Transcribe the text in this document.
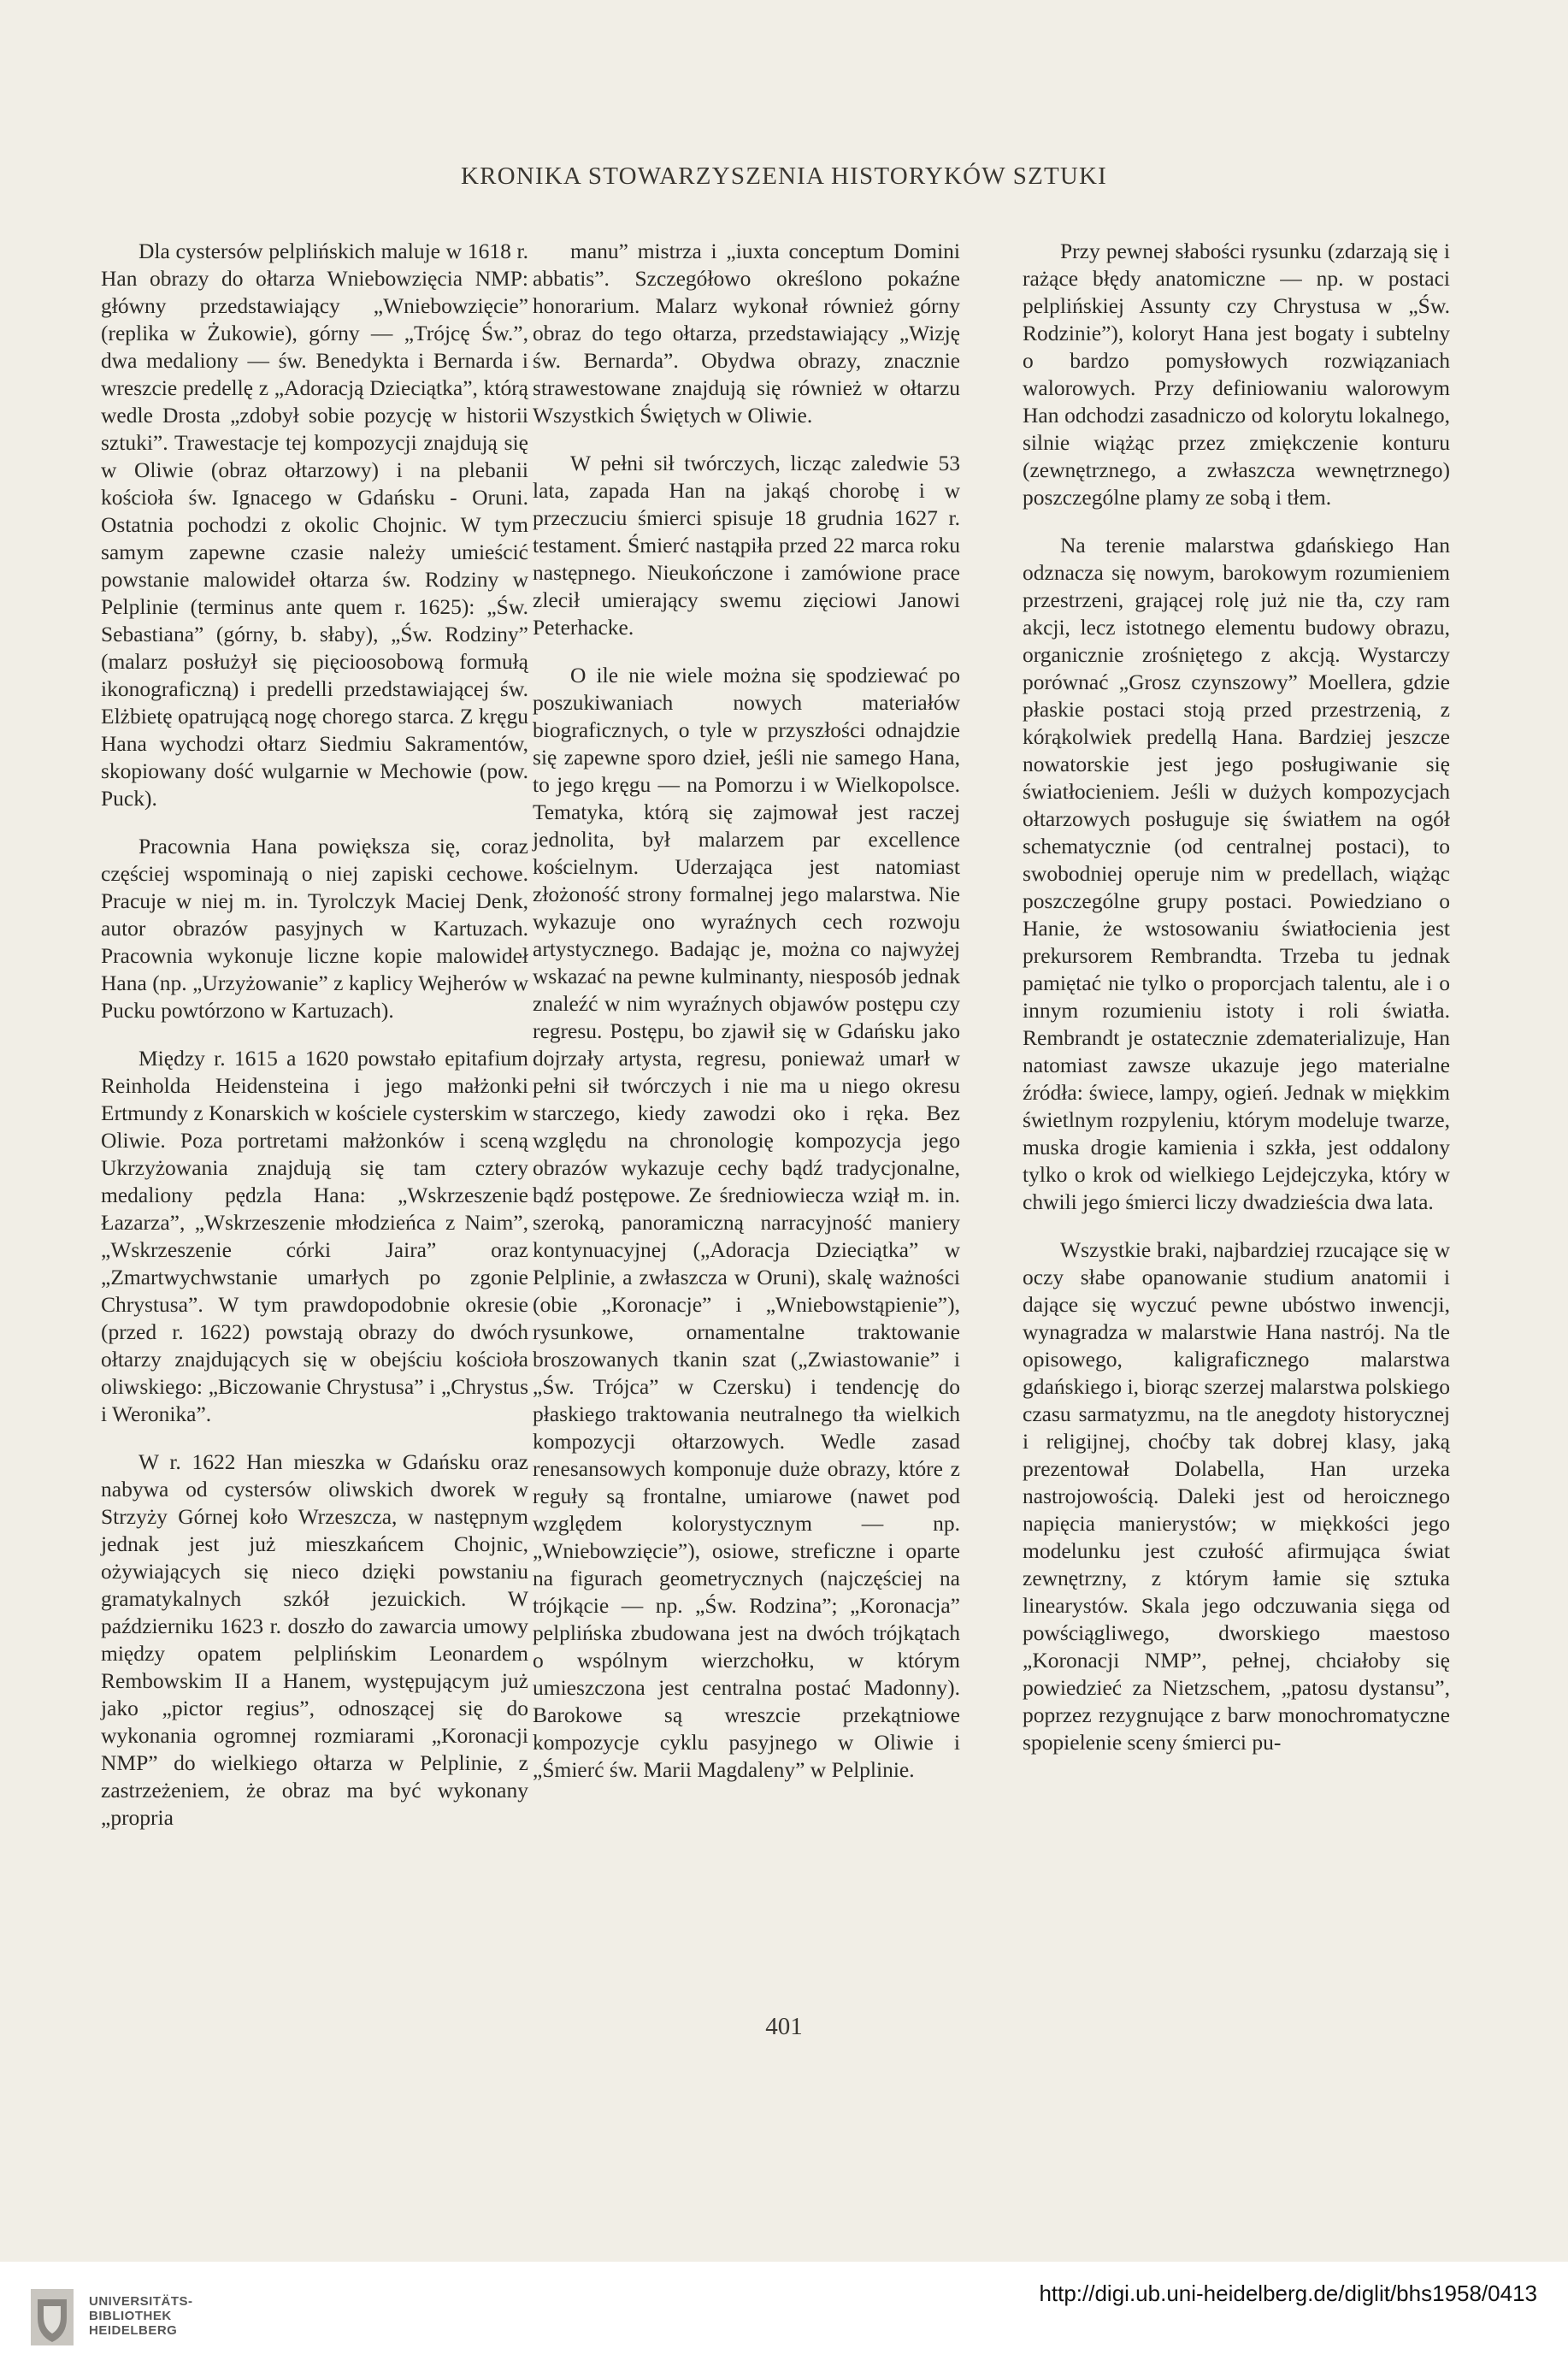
KRONIKA STOWARZYSZENIA HISTORYKÓW SZTUKI

Dla cystersów pelplińskich maluje w 1618 r. Han obrazy do ołtarza Wniebowzięcia NMP: główny przedstawiający „Wniebowzięcie” (replika w Żukowie), górny — „Trójcę Św.”, dwa medaliony — św. Benedykta i Bernarda i wreszcie predellę z „Adoracją Dzieciątka”, którą wedle Drosta „zdobył sobie pozycję w historii sztuki”. Trawestacje tej kompozycji znajdują się w Oliwie (obraz ołtarzowy) i na plebanii kościoła św. Ignacego w Gdańsku - Oruni. Ostatnia pochodzi z okolic Chojnic. W tym samym zapewne czasie należy umieścić powstanie malowideł ołtarza św. Rodziny w Pelplinie (terminus ante quem r. 1625): „Św. Sebastiana” (górny, b. słaby), „Św. Rodziny” (malarz posłużył się pięcioosobową formułą ikonograficzną) i predelli przedstawiającej św. Elżbietę opatrującą nogę chorego starca. Z kręgu Hana wychodzi ołtarz Siedmiu Sakramentów, skopiowany dość wulgarnie w Mechowie (pow. Puck).

Pracownia Hana powiększa się, coraz częściej wspominają o niej zapiski cechowe. Pracuje w niej m. in. Tyrolczyk Maciej Denk, autor obrazów pasyjnych w Kartuzach. Pracownia wykonuje liczne kopie malowideł Hana (np. „Urzyżowanie” z kaplicy Wejherów w Pucku powtórzono w Kartuzach).

Między r. 1615 a 1620 powstało epitafium Reinholda Heidensteina i jego małżonki Ertmundy z Konarskich w kościele cysterskim w Oliwie. Poza portretami małżonków i sceną Ukrzyżowania znajdują się tam cztery medaliony pędzla Hana: „Wskrzeszenie Łazarza”, „Wskrzeszenie młodzieńca z Naim”, „Wskrzeszenie córki Jaira” oraz „Zmartwychwstanie umarłych po zgonie Chrystusa”. W tym prawdopodobnie okresie (przed r. 1622) powstają obrazy do dwóch ołtarzy znajdujących się w obejściu kościoła oliwskiego: „Biczowanie Chrystusa” i „Chrystus i Weronika”.

W r. 1622 Han mieszka w Gdańsku oraz nabywa od cystersów oliwskich dworek w Strzyży Górnej koło Wrzeszcza, w następnym jednak jest już mieszkańcem Chojnic, ożywiających się nieco dzięki powstaniu gramatykalnych szkół jezuickich. W październiku 1623 r. doszło do zawarcia umowy między opatem pelplińskim Leonardem Rembowskim II a Hanem, występującym już jako „pictor regius”, odnoszącej się do wykonania ogromnej rozmiarami „Koronacji NMP” do wielkiego ołtarza w Pelplinie, z zastrzeżeniem, że obraz ma być wykonany „propria

manu” mistrza i „iuxta conceptum Domini abbatis”. Szczegółowo określono pokaźne honorarium. Malarz wykonał również górny obraz do tego ołtarza, przedstawiający „Wizję św. Bernarda”. Obydwa obrazy, znacznie strawestowane znajdują się również w ołtarzu Wszystkich Świętych w Oliwie.

W pełni sił twórczych, licząc zaledwie 53 lata, zapada Han na jakąś chorobę i w przeczuciu śmierci spisuje 18 grudnia 1627 r. testament. Śmierć nastąpiła przed 22 marca roku następnego. Nieukończone i zamówione prace zlecił umierający swemu zięciowi Janowi Peterhacke.

O ile nie wiele można się spodziewać po poszukiwaniach nowych materiałów biograficznych, o tyle w przyszłości odnajdzie się zapewne sporo dzieł, jeśli nie samego Hana, to jego kręgu — na Pomorzu i w Wielkopolsce. Tematyka, którą się zajmował jest raczej jednolita, był malarzem par excellence kościelnym. Uderzająca jest natomiast złożoność strony formalnej jego malarstwa. Nie wykazuje ono wyraźnych cech rozwoju artystycznego. Badając je, można co najwyżej wskazać na pewne kulminanty, niesposób jednak znaleźć w nim wyraźnych objawów postępu czy regresu. Postępu, bo zjawił się w Gdańsku jako dojrzały artysta, regresu, ponieważ umarł w pełni sił twórczych i nie ma u niego okresu starczego, kiedy zawodzi oko i ręka. Bez względu na chronologię kompozycja jego obrazów wykazuje cechy bądź tradycjonalne, bądź postępowe. Ze średniowiecza wziął m. in. szeroką, panoramiczną narracyjność maniery kontynuacyjnej („Adoracja Dzieciątka” w Pelplinie, a zwłaszcza w Oruni), skalę ważności (obie „Koronacje” i „Wniebowstąpienie”), rysunkowe, ornamentalne traktowanie broszowanych tkanin szat („Zwiastowanie” i „Św. Trójca” w Czersku) i tendencję do płaskiego traktowania neutralnego tła wielkich kompozycji ołtarzowych. Wedle zasad renesansowych komponuje duże obrazy, które z reguły są frontalne, umiarowe (nawet pod względem kolorystycznym — np. „Wniebowzięcie”), osiowe, streficzne i oparte na figurach geometrycznych (najczęściej na trójkącie — np. „Św. Rodzina”; „Koronacja” pelplińska zbudowana jest na dwóch trójkątach o wspólnym wierzchołku, w którym umieszczona jest centralna postać Madonny). Barokowe są wreszcie przekątniowe kompozycje cyklu pasyjnego w Oliwie i „Śmierć św. Marii Magdaleny” w Pelplinie.

Przy pewnej słabości rysunku (zdarzają się i rażące błędy anatomiczne — np. w postaci pelplińskiej Assunty czy Chrystusa w „Św. Rodzinie”), koloryt Hana jest bogaty i subtelny o bardzo pomysłowych rozwiązaniach walorowych. Przy definiowaniu walorowym Han odchodzi zasadniczo od kolorytu lokalnego, silnie wiążąc przez zmiękczenie konturu (zewnętrznego, a zwłaszcza wewnętrznego) poszczególne plamy ze sobą i tłem.

Na terenie malarstwa gdańskiego Han odznacza się nowym, barokowym rozumieniem przestrzeni, grającej rolę już nie tła, czy ram akcji, lecz istotnego elementu budowy obrazu, organicznie zrośniętego z akcją. Wystarczy porównać „Grosz czynszowy” Moellera, gdzie płaskie postaci stoją przed przestrzenią, z kórąkolwiek predellą Hana. Bardziej jeszcze nowatorskie jest jego posługiwanie się światłocieniem. Jeśli w dużych kompozycjach ołtarzowych posługuje się światłem na ogół schematycznie (od centralnej postaci), to swobodniej operuje nim w predellach, wiążąc poszczególne grupy postaci. Powiedziano o Hanie, że wstosowaniu światłocienia jest prekursorem Rembrandta. Trzeba tu jednak pamiętać nie tylko o proporcjach talentu, ale i o innym rozumieniu istoty i roli światła. Rembrandt je ostatecznie zdematerializuje, Han natomiast zawsze ukazuje jego materialne źródła: świece, lampy, ogień. Jednak w miękkim świetlnym rozpyleniu, którym modeluje twarze, muska drogie kamienia i szkła, jest oddalony tylko o krok od wielkiego Lejdejczyka, który w chwili jego śmierci liczy dwadzieścia dwa lata.

Wszystkie braki, najbardziej rzucające się w oczy słabe opanowanie studium anatomii i dające się wyczuć pewne ubóstwo inwencji, wynagradza w malarstwie Hana nastrój. Na tle opisowego, kaligraficznego malarstwa gdańskiego i, biorąc szerzej malarstwa polskiego czasu sarmatyzmu, na tle anegdoty historycznej i religijnej, choćby tak dobrej klasy, jaką prezentował Dolabella, Han urzeka nastrojowością. Daleki jest od heroicznego napięcia manierystów; w miękkości jego modelunku jest czułość afirmująca świat zewnętrzny, z którym łamie się sztuka linearystów. Skala jego odczuwania sięga od powściągliwego, dworskiego maestoso „Koronacji NMP”, pełnej, chciałoby się powiedzieć za Nietzschem, „patosu dystansu”, poprzez rezygnujące z barw monochromatyczne spopielenie sceny śmierci pu-

401
UNIVERSITÄTS-
BIBLIOTHEK
HEIDELBERG
http://digi.ub.uni-heidelberg.de/diglit/bhs1958/0413
